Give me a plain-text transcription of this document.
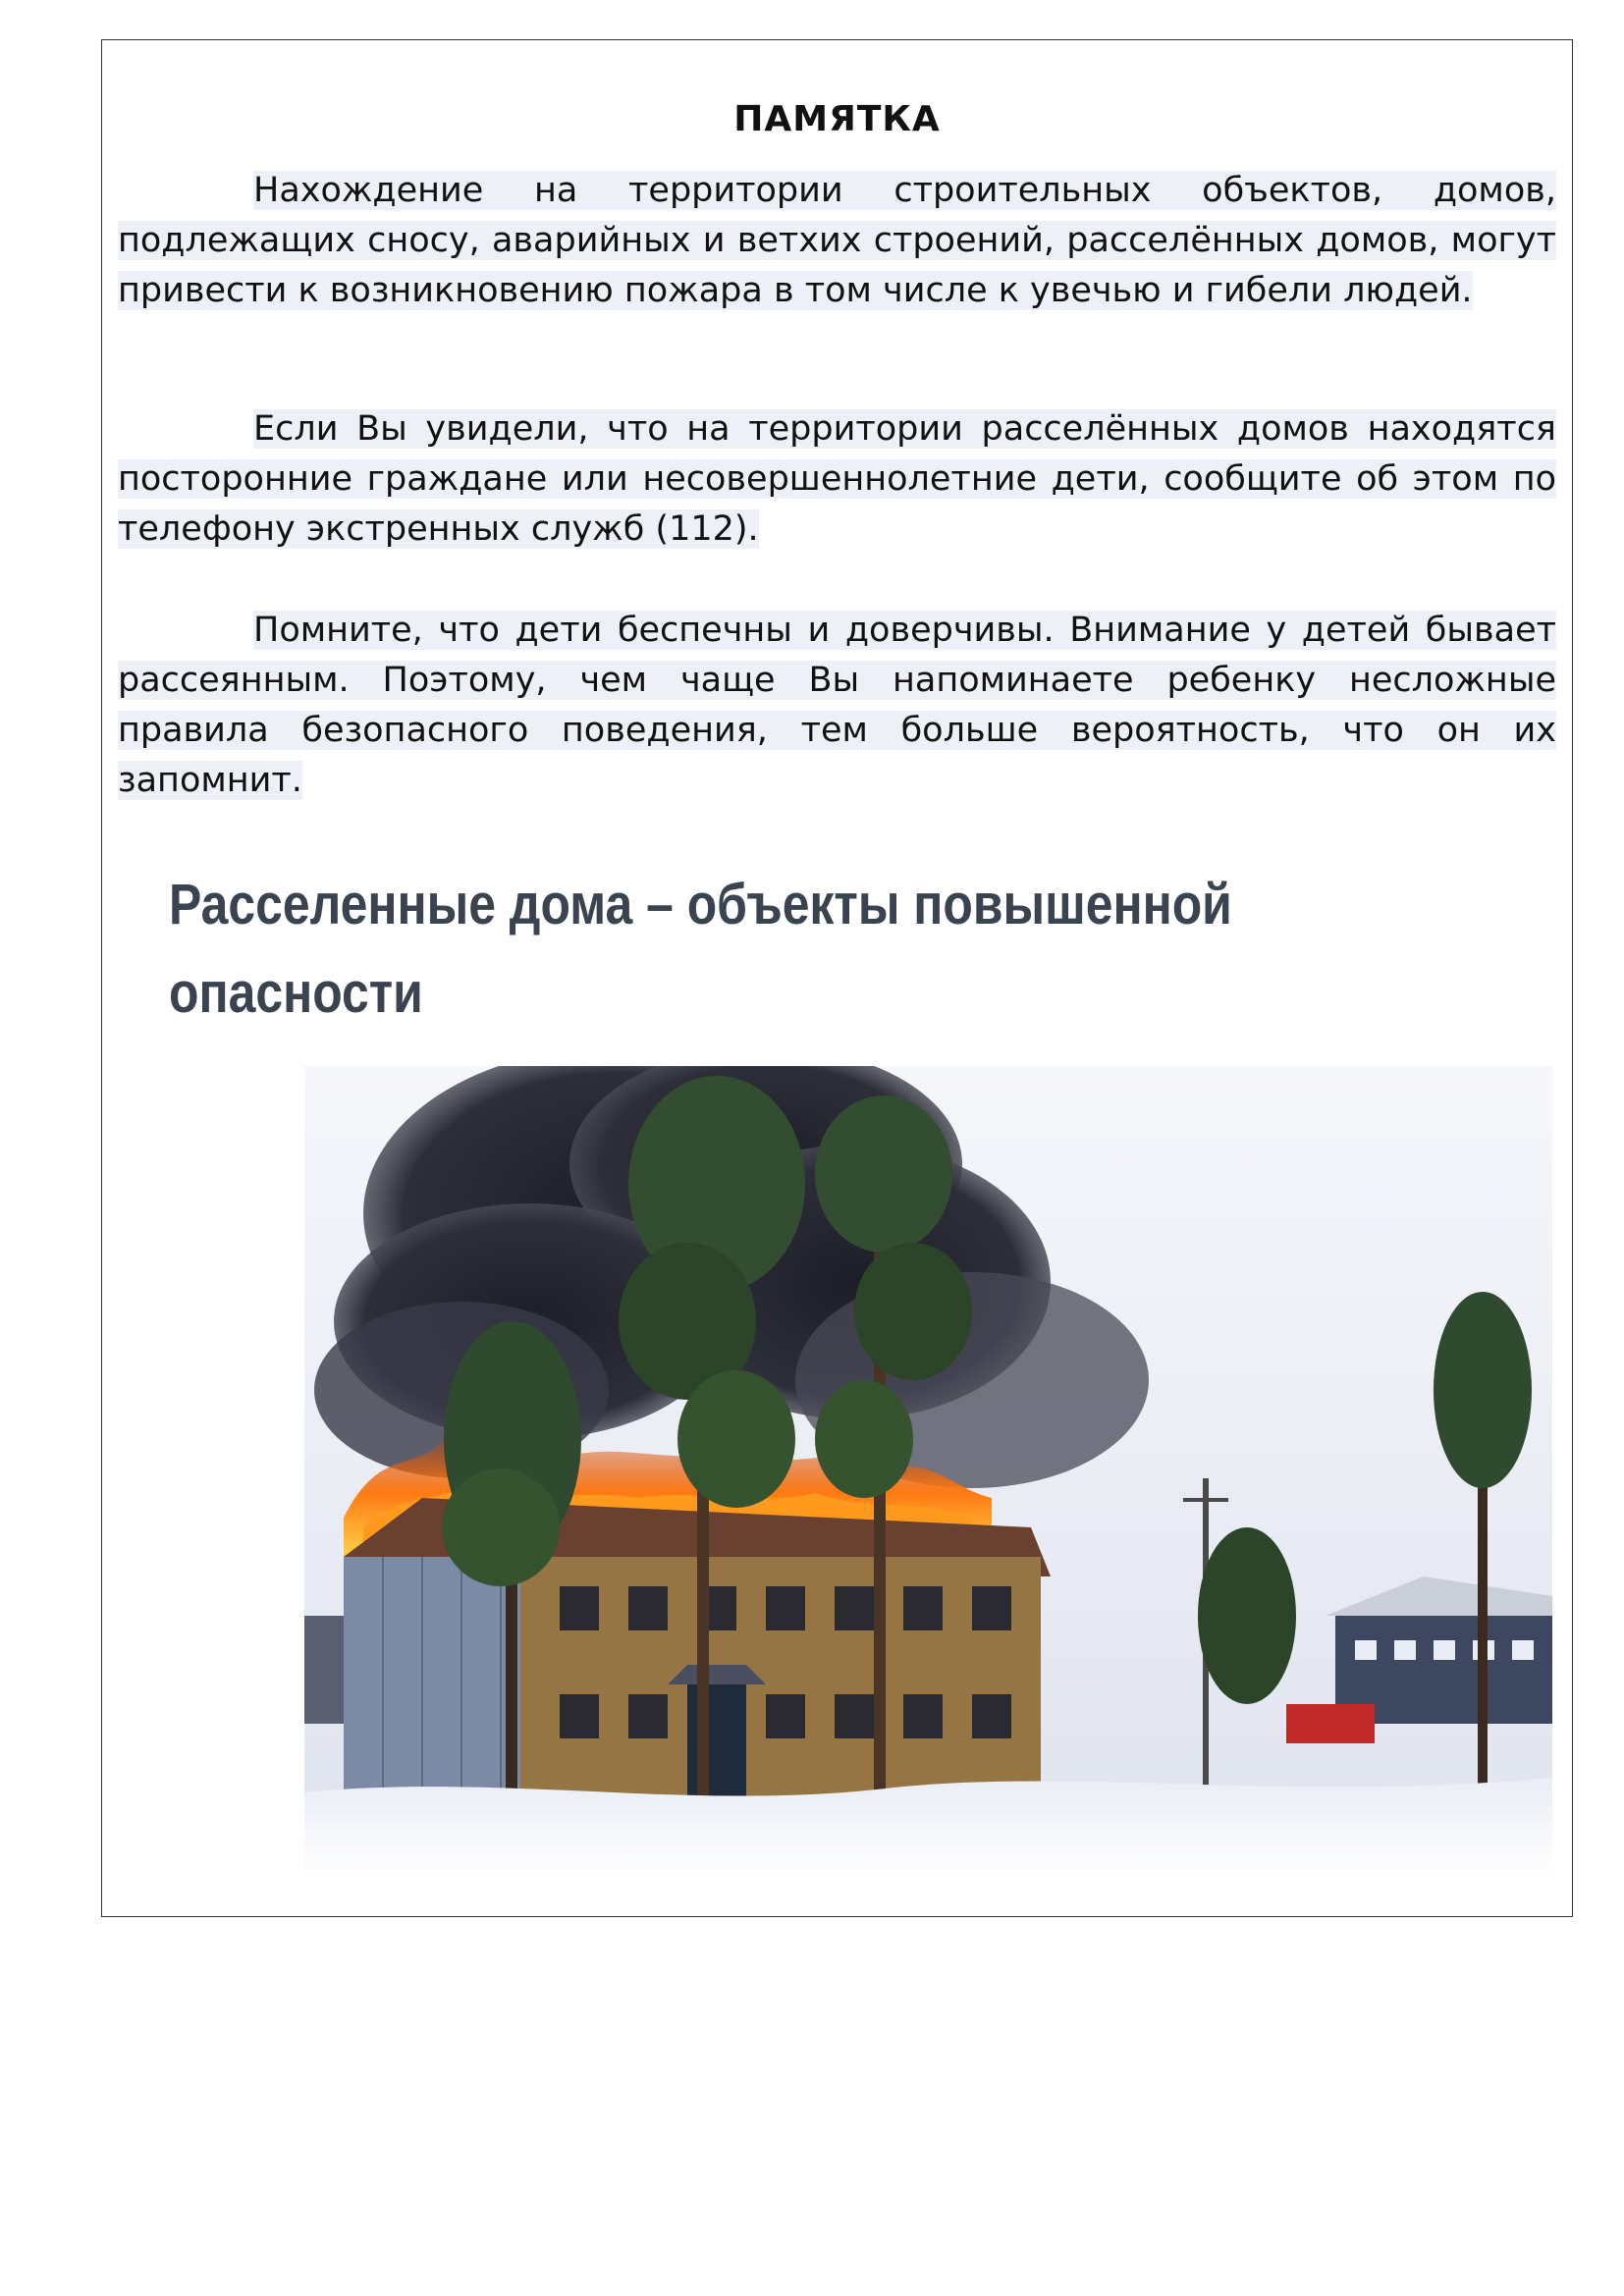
ПАМЯТКА
Нахождение на территории строительных объектов, домов, подлежащих сносу, аварийных и ветхих строений, расселённых домов, могут привести к возникновению пожара в том числе к увечью и гибели людей.
Если Вы увидели, что на территории расселённых домов находятся посторонние граждане или несовершеннолетние дети, сообщите об этом по телефону экстренных служб (112).
Помните, что дети беспечны и доверчивы. Внимание у детей бывает рассеянным. Поэтому, чем чаще Вы напоминаете ребенку несложные правила безопасного поведения, тем больше вероятность, что он их запомнит.
Расселенные дома – объекты повышенной
опасности
